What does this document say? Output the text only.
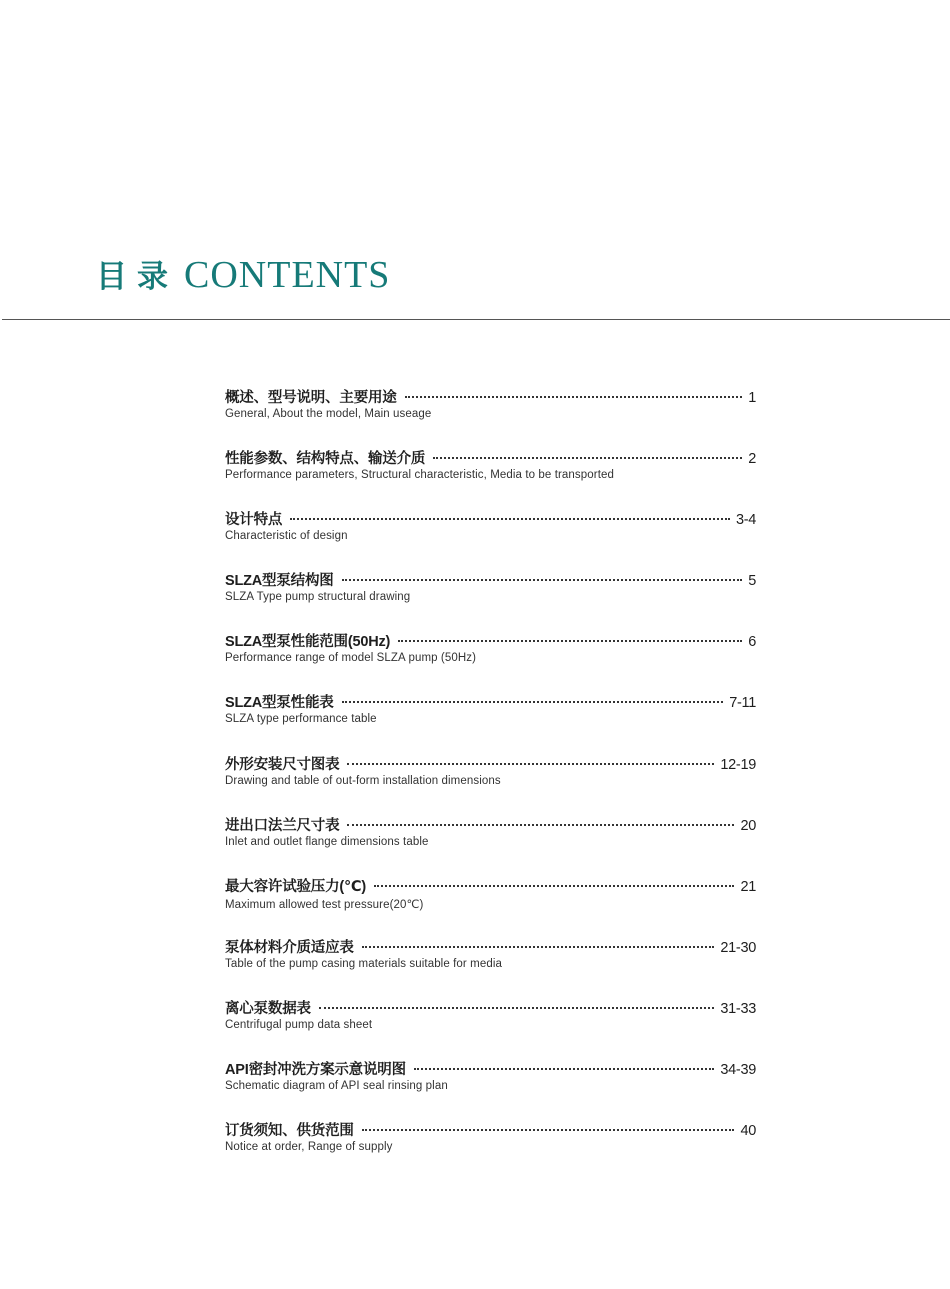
目录 CONTENTS
概述、型号说明、主要用途	1
General, About the model, Main useage
性能参数、结构特点、输送介质	2
Performance parameters, Structural characteristic, Media to be transported
设计特点	3-4
Characteristic of design
SLZA型泵结构图	5
SLZA Type pump structural drawing
SLZA型泵性能范围(50Hz)	6
Performance range of model SLZA pump (50Hz)
SLZA型泵性能表	7-11
SLZA type performance table
外形安装尺寸图表	12-19
Drawing and table of out-form installation dimensions
进出口法兰尺寸表	20
Inlet and outlet flange dimensions table
最大容许试验压力(℃)	21
Maximum allowed test pressure(20℃)
泵体材料介质适应表	21-30
Table of the pump casing materials suitable for media
离心泵数据表	31-33
Centrifugal pump data sheet
API密封冲洗方案示意说明图	34-39
Schematic diagram of API seal rinsing plan
订货须知、供货范围	40
Notice at order, Range of supply
